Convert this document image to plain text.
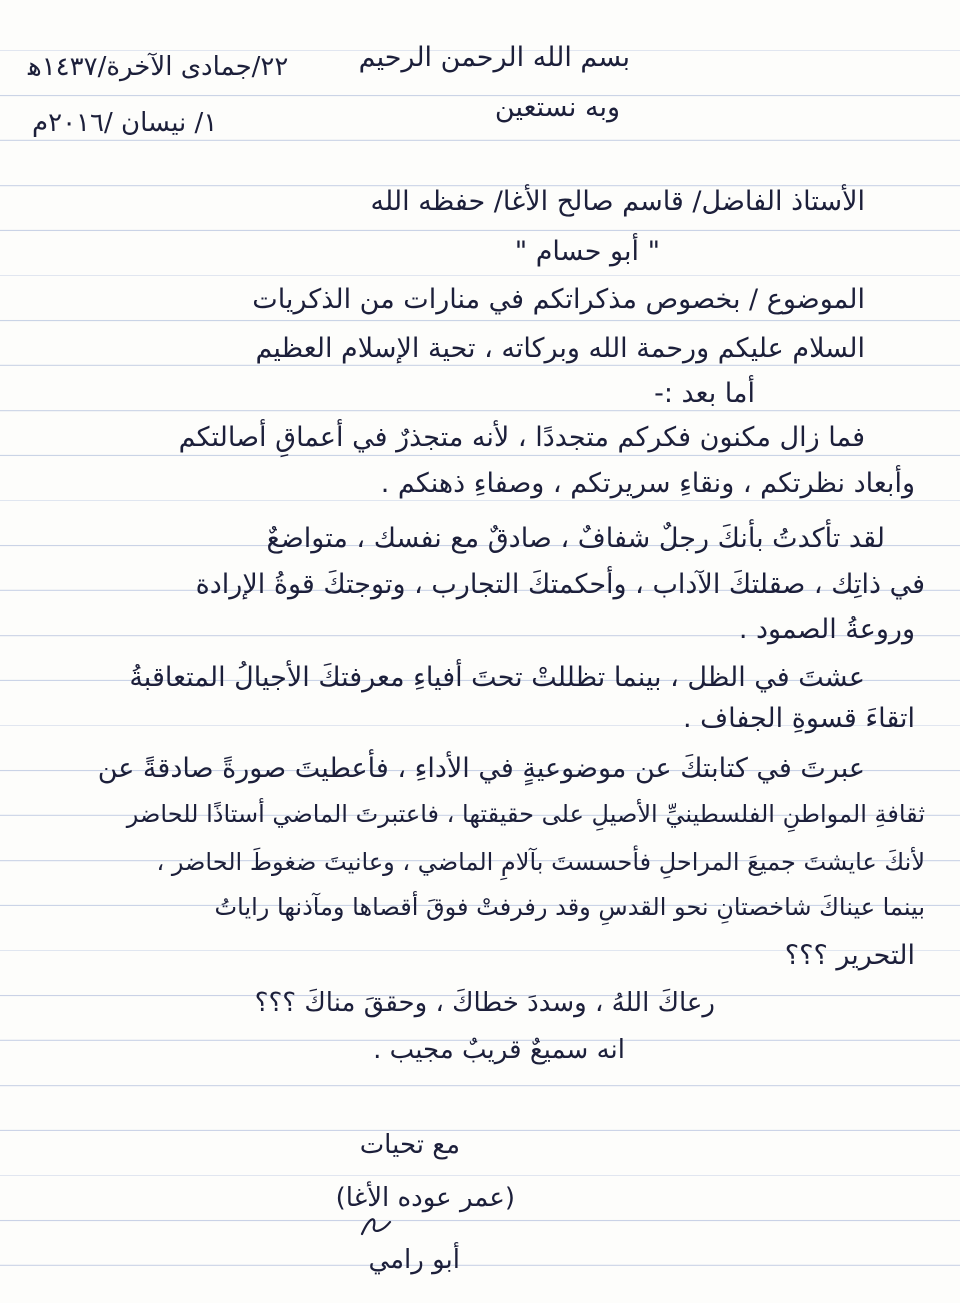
بسم الله الرحمن الرحيم
٢٢/جمادى الآخرة/١٤٣٧ﻫ
وبه نستعين
١/ نيسان /٢٠١٦م
الأستاذ الفاضل/ قاسم صالح الأغا/ حفظه الله
" أبو حسام "
الموضوع / بخصوص مذكراتكم في منارات من الذكريات
السلام عليكم ورحمة الله وبركاته ، تحية الإسلام العظيم
أما بعد :-
فما زال مكنون فكركم متجددًا ، لأنه متجذرٌ في أعماقِ أصالتكم
وأبعاد نظرتكم ، ونقاءِ سريرتكم ، وصفاءِ ذهنكم .
لقد تأكدتُ بأنكَ رجلٌ شفافٌ ، صادقٌ مع نفسك ، متواضعٌ
في ذاتِك ، صقلتكَ الآداب ، وأحكمتكَ التجارب ، وتوجتكَ قوةُ الإرادة
وروعةُ الصمود .
عشتَ في الظل ، بينما تظللتْ تحتَ أفياءِ معرفتكَ الأجيالُ المتعاقبةُ
اتقاءَ قسوةِ الجفاف .
عبرتَ في كتابتكَ عن موضوعيةٍ في الأداءِ ، فأعطيتَ صورةً صادقةً عن
ثقافةِ المواطنِ الفلسطينيِّ الأصيلِ على حقيقتها ، فاعتبرتَ الماضي أستاذًا للحاضر
لأنكَ عايشتَ جميعَ المراحلِ فأحسستَ بآلامِ الماضي ، وعانيتَ ضغوطَ الحاضر ،
بينما عيناكَ شاخصتانِ نحو القدسِ وقد رفرفتْ فوقَ أقصاها ومآذنها راياتُ
التحرير ؟؟؟
رعاكَ اللهُ ، وسددَ خطاكَ ، وحققَ مناكَ ؟؟؟
انه سميعٌ قريبٌ مجيب .
مع تحيات
(عمر عوده الأغا)
أبو رامي
